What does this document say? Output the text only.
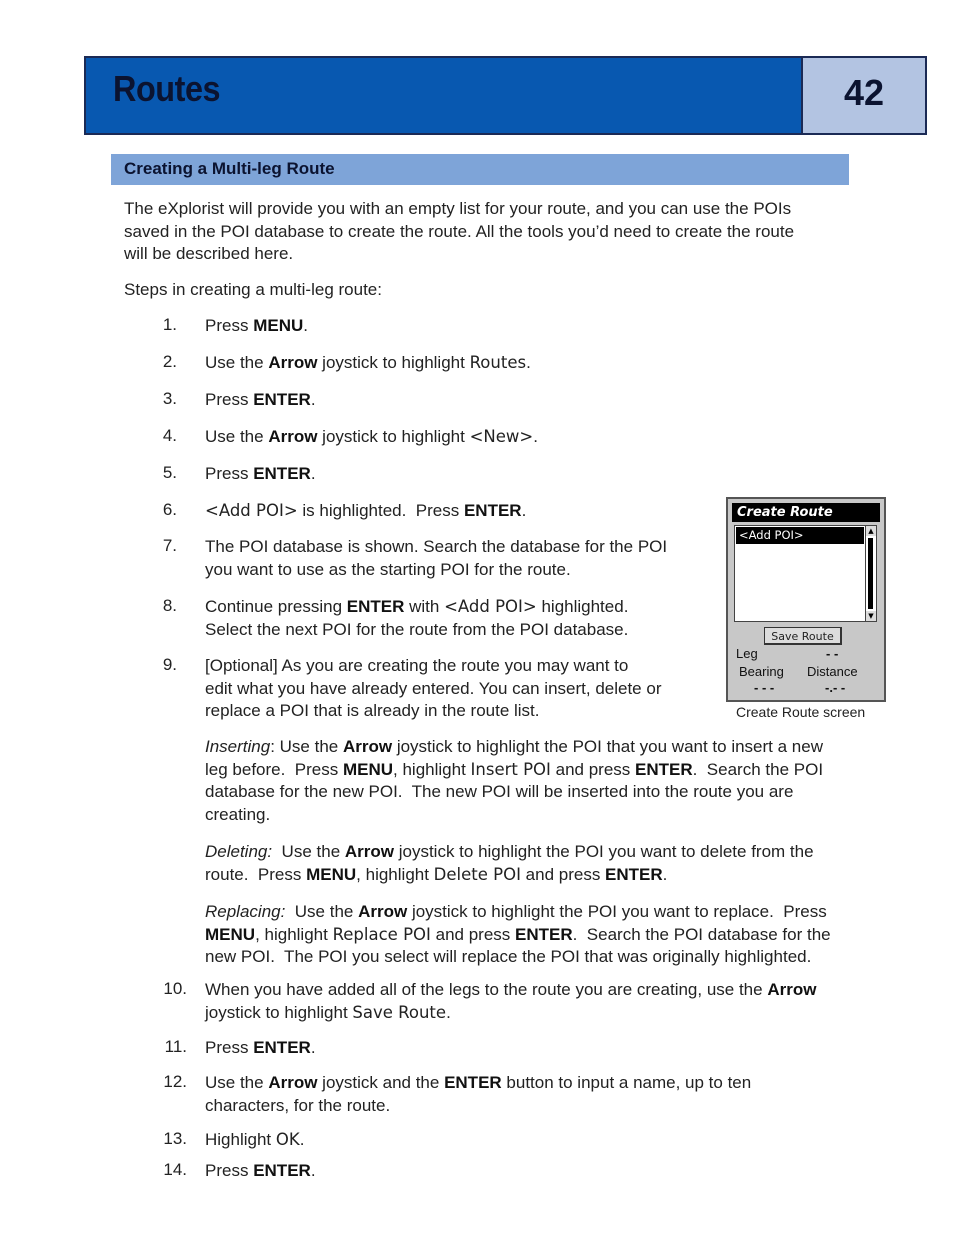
Routes	42
Creating a Multi-leg Route
The eXplorist will provide you with an empty list for your route, and you can use the POIs
saved in the POI database to create the route. All the tools you’d need to create the route
will be described here.
Steps in creating a multi-leg route:
1.
2.
3.
4.
5.
6.
7.
8.
9.
10.
11.
12.
13.
14.
Press MENU.
Use the Arrow joystick to highlight Routes.
Press ENTER.
Use the Arrow joystick to highlight <New>.
Press ENTER.
<Add POI> is highlighted.  Press ENTER.
The POI database is shown. Search the database for the POI
you want to use as the starting POI for the route.
Continue pressing ENTER with <Add POI> highlighted.
Select the next POI for the route from the POI database.
[Optional] As you are creating the route you may want to
edit what you have already entered. You can insert, delete or
replace a POI that is already in the route list.
Inserting: Use the Arrow joystick to highlight the POI that you want to insert a new
leg before.  Press MENU, highlight Insert POI and press ENTER.  Search the POI
database for the new POI.  The new POI will be inserted into the route you are
creating.
Deleting:  Use the Arrow joystick to highlight the POI you want to delete from the
route.  Press MENU, highlight Delete POI and press ENTER.
Replacing:  Use the Arrow joystick to highlight the POI you want to replace.  Press
MENU, highlight Replace POI and press ENTER.  Search the POI database for the
new POI.  The POI you select will replace the POI that was originally highlighted.
When you have added all of the legs to the route you are creating, use the Arrow
joystick to highlight Save Route.
Press ENTER.
Use the Arrow joystick and the ENTER button to input a name, up to ten
characters, for the route.
Highlight OK.
Press ENTER.
Create Route
<Add POI>	▲
▼
Save Route
Leg	- -
Bearing Distance
- - -	-.- -
Create Route screen
